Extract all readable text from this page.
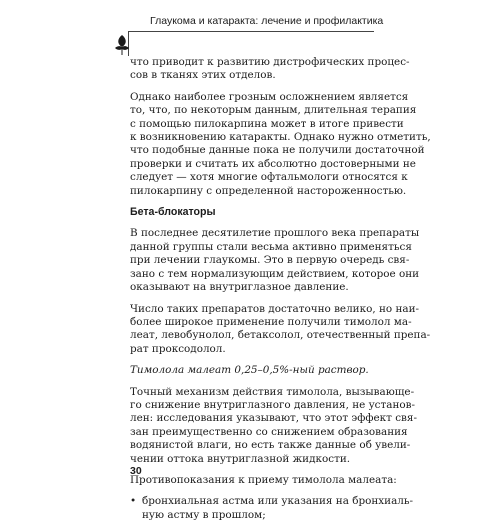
Глаукома и катаракта: лечение и профилактика

что приводит к развитию дистрофических процес-
сов в тканях этих отделов.

Однако наиболее грозным осложнением является
то, что, по некоторым данным, длительная терапия
с помощью пилокарпина может в итоге привести
к возникновению катаракты. Однако нужно отметить,
что подобные данные пока не получили достаточной
проверки и считать их абсолютно достоверными не
следует — хотя многие офтальмологи относятся к
пилокарпину с определенной настороженностью.

Бета-блокаторы

В последнее десятилетие прошлого века препараты
данной группы стали весьма активно применяться
при лечении глаукомы. Это в первую очередь свя-
зано с тем нормализующим действием, которое они
оказывают на внутриглазное давление.

Число таких препаратов достаточно велико, но наи-
более широкое применение получили тимолол ма-
леат, левобунолол, бетаксолол, отечественный препа-
рат проксодолол.

Тимолола малеат 0,25–0,5%-ный раствор.

Точный механизм действия тимолола, вызывающе-
го снижение внутриглазного давления, не установ-
лен: исследования указывают, что этот эффект свя-
зан преимущественно со снижением образования
водянистой влаги, но есть также данные об увели-
чении оттока внутриглазной жидкости.

Противопоказания к приему тимолола малеата:

• бронхиальная астма или указания на бронхиаль-
ную астму в прошлом;
30
